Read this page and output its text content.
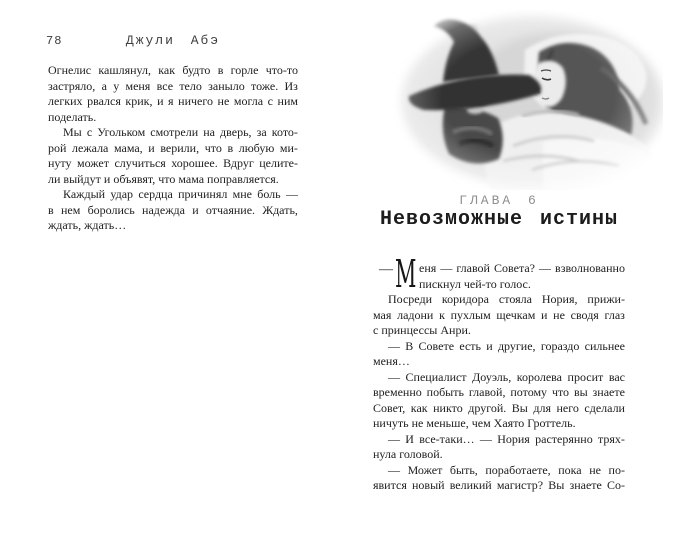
78	Джули Абэ
Огнелис кашлянул, как будто в горле что-то
застряло, а у меня все тело заныло тоже. Из
легких рвался крик, и я ничего не могла с ним
поделать.
Мы с Угольком смотрели на дверь, за кото-
рой лежала мама, и верили, что в любую ми-
нуту может случиться хорошее. Вдруг целите-
ли выйдут и объявят, что мама поправляется.
Каждый удар сердца причинял мне боль —
в нем боролись надежда и отчаяние. Ждать,
ждать, ждать…
ГЛАВА 6
Невозможные истины
— М еня — главой Совета? — взволнованно
пискнул чей-то голос.
Посреди коридора стояла Нория, прижи-
мая ладони к пухлым щечкам и не сводя глаз
с принцессы Анри.
— В Совете есть и другие, гораздо сильнее
меня…
— Специалист Доуэль, королева просит вас
временно побыть главой, потому что вы знаете
Совет, как никто другой. Вы для него сделали
ничуть не меньше, чем Хаято Гроттель.
— И все-таки… — Нория растерянно трях-
нула головой.
— Может быть, поработаете, пока не по-
явится новый великий магистр? Вы знаете Со-
